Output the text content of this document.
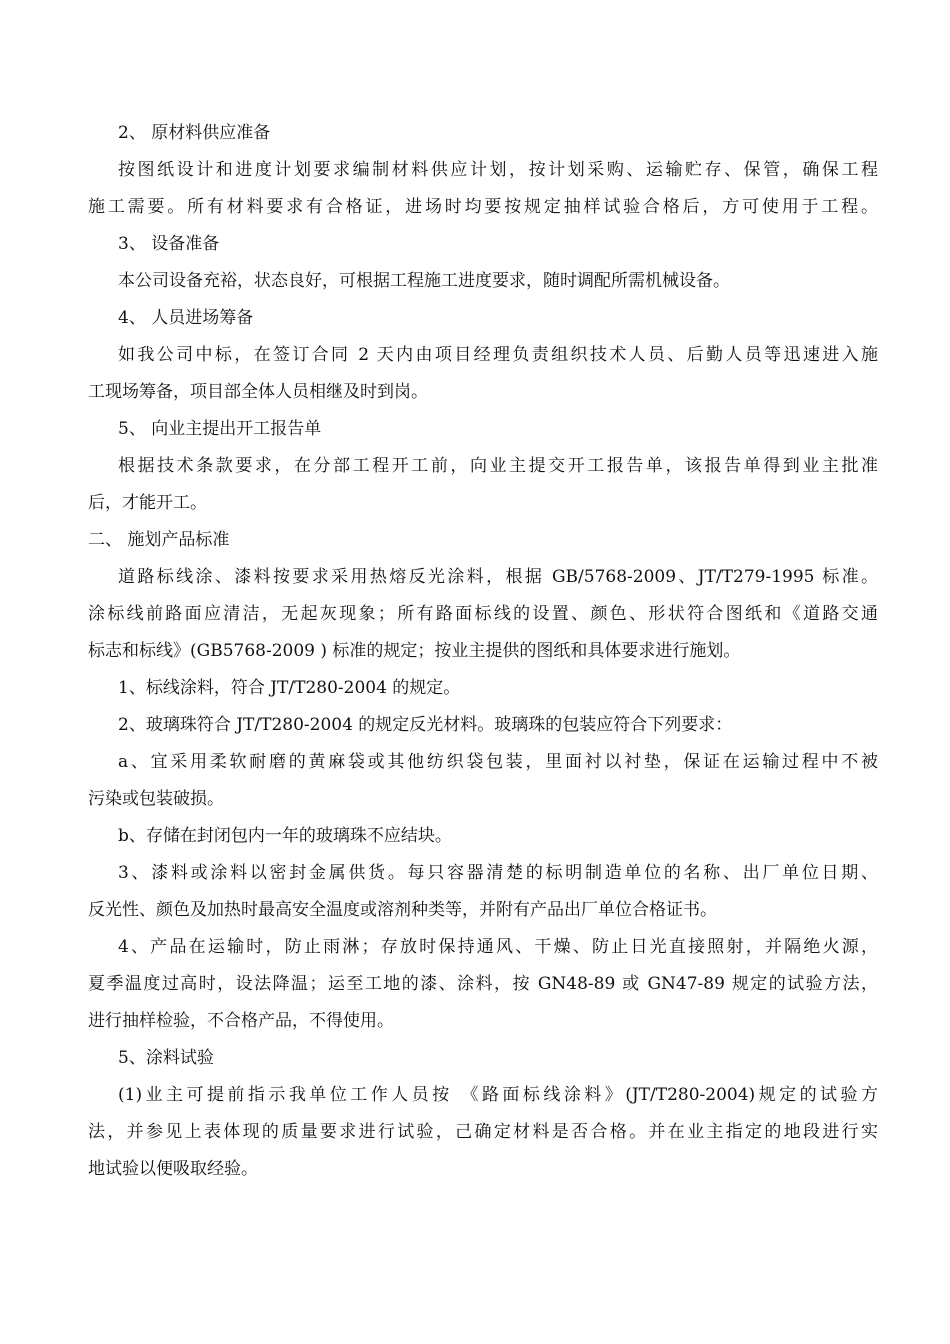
2、 原材料供应准备
按图纸设计和进度计划要求编制材料供应计划，按计划采购、运输贮存、保管，确保工程
施工需要。所有材料要求有合格证，进场时均要按规定抽样试验合格后，方可使用于工程。
3、 设备准备
本公司设备充裕，状态良好，可根据工程施工进度要求，随时调配所需机械设备。
4、 人员进场筹备
如我公司中标，在签订合同 2 天内由项目经理负责组织技术人员、后勤人员等迅速进入施
工现场筹备，项目部全体人员相继及时到岗。
5、 向业主提出开工报告单
根据技术条款要求，在分部工程开工前，向业主提交开工报告单，该报告单得到业主批准
后，才能开工。
二、 施划产品标准
道路标线涂、漆料按要求采用热熔反光涂料，根据 GB/5768-2009、JT/T279-1995 标准。
涂标线前路面应清洁，无起灰现象；所有路面标线的设置、颜色、形状符合图纸和《道路交通
标志和标线》(GB5768-2009 ) 标准的规定；按业主提供的图纸和具体要求进行施划。
1、标线涂料，符合 JT/T280-2004 的规定。
2、玻璃珠符合 JT/T280-2004 的规定反光材料。玻璃珠的包装应符合下列要求：
a、宜采用柔软耐磨的黄麻袋或其他纺织袋包装，里面衬以衬垫，保证在运输过程中不被
污染或包装破损。
b、存储在封闭包内一年的玻璃珠不应结块。
3、漆料或涂料以密封金属供货。每只容器清楚的标明制造单位的名称、出厂单位日期、
反光性、颜色及加热时最高安全温度或溶剂种类等，并附有产品出厂单位合格证书。
4、产品在运输时，防止雨淋；存放时保持通风、干燥、防止日光直接照射，并隔绝火源，
夏季温度过高时，设法降温；运至工地的漆、涂料，按 GN48-89 或 GN47-89 规定的试验方法，
进行抽样检验，不合格产品，不得使用。
5、涂料试验
(1)业主可提前指示我单位工作人员按 《路面标线涂料》(JT/T280-2004)规定的试验方
法，并参见上表体现的质量要求进行试验，己确定材料是否合格。并在业主指定的地段进行实
地试验以便吸取经验。
